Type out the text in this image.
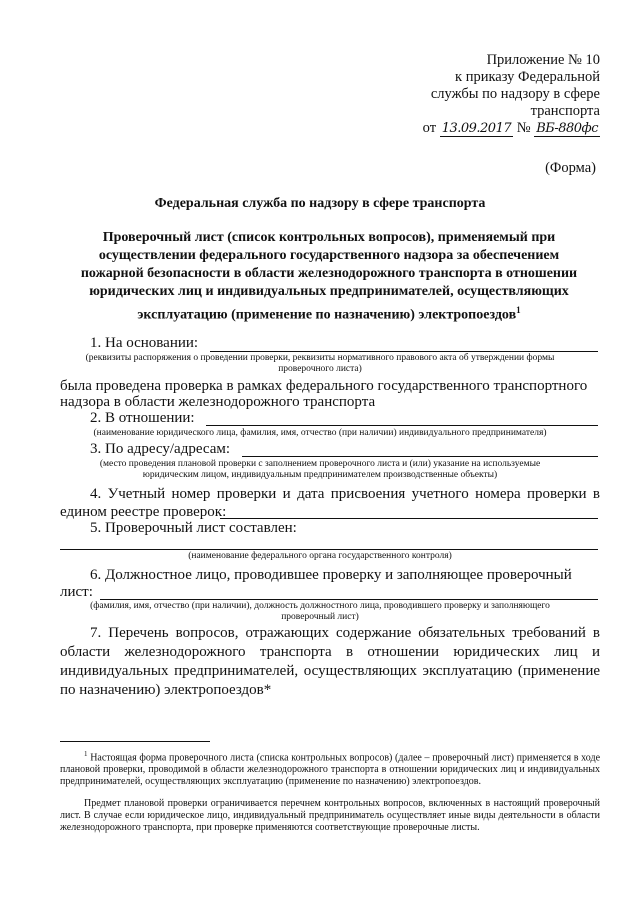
Приложение № 10
к приказу Федеральной
службы по надзору в сфере
транспорта
от 13.09.2017 № ВБ-880фс
(Форма)
Федеральная служба по надзору в сфере транспорта
Проверочный лист (список контрольных вопросов), применяемый при
осуществлении федерального государственного надзора за обеспечением
пожарной безопасности в области железнодорожного транспорта в отношении
юридических лиц и индивидуальных предпринимателей, осуществляющих
эксплуатацию (применение по назначению) электропоездов$^1$
1. На основании:
(реквизиты распоряжения о проведении проверки, реквизиты нормативного правового акта об утверждении формы
проверочного листа)
была проведена проверка в рамках федерального государственного транспортного
надзора в области железнодорожного транспорта
2. В отношении:
(наименование юридического лица, фамилия, имя, отчество (при наличии) индивидуального предпринимателя)
3. По адресу/адресам:
(место проведения плановой проверки с заполнением проверочного листа и (или) указание на используемые
юридическим лицом, индивидуальным предпринимателем производственные объекты)
4. Учетный номер проверки и дата присвоения учетного номера проверки в едином реестре проверок:
5. Проверочный лист составлен:
(наименование федерального органа государственного контроля)
6. Должностное лицо, проводившее проверку и заполняющее проверочный
лист:
(фамилия, имя, отчество (при наличии), должность должностного лица, проводившего проверку и заполняющего
проверочный лист)
7. Перечень вопросов, отражающих содержание обязательных требований в области железнодорожного транспорта в отношении юридических лиц и индивидуальных предпринимателей, осуществляющих эксплуатацию (применение по назначению) электропоездов*
$^1$ Настоящая форма проверочного листа (списка контрольных вопросов) (далее – проверочный лист) применяется в ходе плановой проверки, проводимой в области железнодорожного транспорта в отношении юридических лиц и индивидуальных предпринимателей, осуществляющих эксплуатацию (применение по назначению) электропоездов.
Предмет плановой проверки ограничивается перечнем контрольных вопросов, включенных в настоящий проверочный лист. В случае если юридическое лицо, индивидуальный предприниматель осуществляет иные виды деятельности в области железнодорожного транспорта, при проверке применяются соответствующие проверочные листы.
